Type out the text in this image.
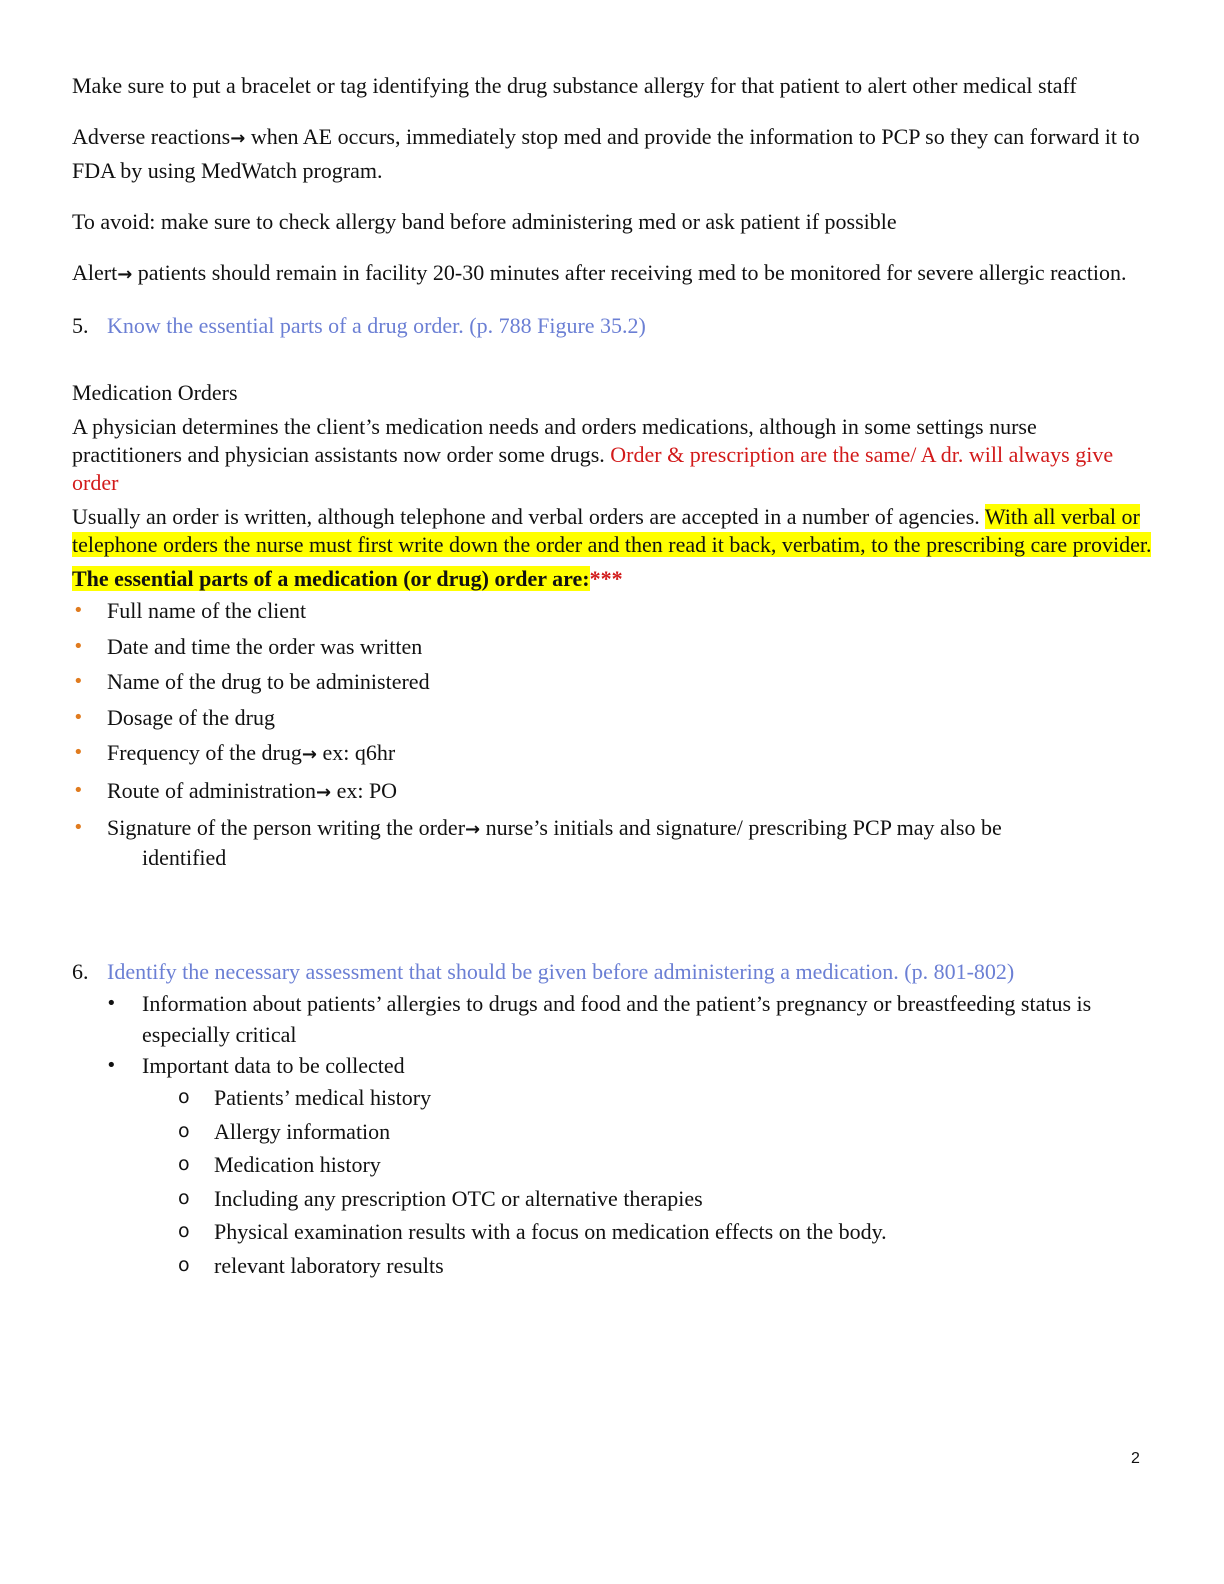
Make sure to put a bracelet or tag identifying the drug substance allergy for that patient to alert other medical staff

Adverse reactions→ when AE occurs, immediately stop med and provide the information to PCP so they can forward it to FDA by using MedWatch program.

To avoid: make sure to check allergy band before administering med or ask patient if possible

Alert→ patients should remain in facility 20-30 minutes after receiving med to be monitored for severe allergic reaction.

5. Know the essential parts of a drug order. (p. 788 Figure 35.2)

Medication Orders

A physician determines the client’s medication needs and orders medications, although in some settings nurse practitioners and physician assistants now order some drugs. Order & prescription are the same/ A dr. will always give order

Usually an order is written, although telephone and verbal orders are accepted in a number of agencies. With all verbal or telephone orders the nurse must first write down the order and then read it back, verbatim, to the prescribing care provider.

The essential parts of a medication (or drug) order are:***

• Full name of the client
• Date and time the order was written
• Name of the drug to be administered
• Dosage of the drug
• Frequency of the drug→ ex: q6hr
• Route of administration→ ex: PO
• Signature of the person writing the order→ nurse’s initials and signature/ prescribing PCP may also be
identified
6. Identify the necessary assessment that should be given before administering a medication. (p. 801-802)
• Information about patients’ allergies to drugs and food and the patient’s pregnancy or breastfeeding status is especially critical
• Important data to be collected
o Patients’ medical history
o Allergy information
o Medication history
o Including any prescription OTC or alternative therapies
o Physical examination results with a focus on medication effects on the body.
o relevant laboratory results
2
